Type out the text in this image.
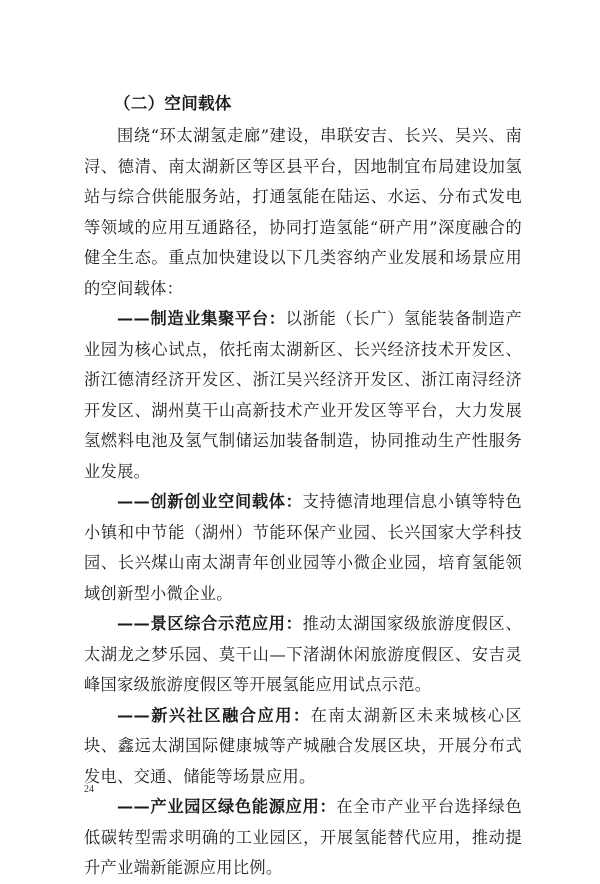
（二）空间载体

围绕“环太湖氢走廊”建设，串联安吉、长兴、吴兴、南浔、德清、南太湖新区等区县平台，因地制宜布局建设加氢站与综合供能服务站，打通氢能在陆运、水运、分布式发电等领域的应用互通路径，协同打造氢能“研产用”深度融合的健全生态。重点加快建设以下几类容纳产业发展和场景应用的空间载体：

——制造业集聚平台：以浙能（长广）氢能装备制造产业园为核心试点，依托南太湖新区、长兴经济技术开发区、浙江德清经济开发区、浙江吴兴经济开发区、浙江南浔经济开发区、湖州莫干山高新技术产业开发区等平台，大力发展氢燃料电池及氢气制储运加装备制造，协同推动生产性服务业发展。

——创新创业空间载体：支持德清地理信息小镇等特色小镇和中节能（湖州）节能环保产业园、长兴国家大学科技园、长兴煤山南太湖青年创业园等小微企业园，培育氢能领域创新型小微企业。

——景区综合示范应用：推动太湖国家级旅游度假区、太湖龙之梦乐园、莫干山—下渚湖休闲旅游度假区、安吉灵峰国家级旅游度假区等开展氢能应用试点示范。

——新兴社区融合应用：在南太湖新区未来城核心区块、鑫远太湖国际健康城等产城融合发展区块，开展分布式发电、交通、储能等场景应用。

——产业园区绿色能源应用：在全市产业平台选择绿色低碳转型需求明确的工业园区，开展氢能替代应用，推动提升产业端新能源应用比例。

24
